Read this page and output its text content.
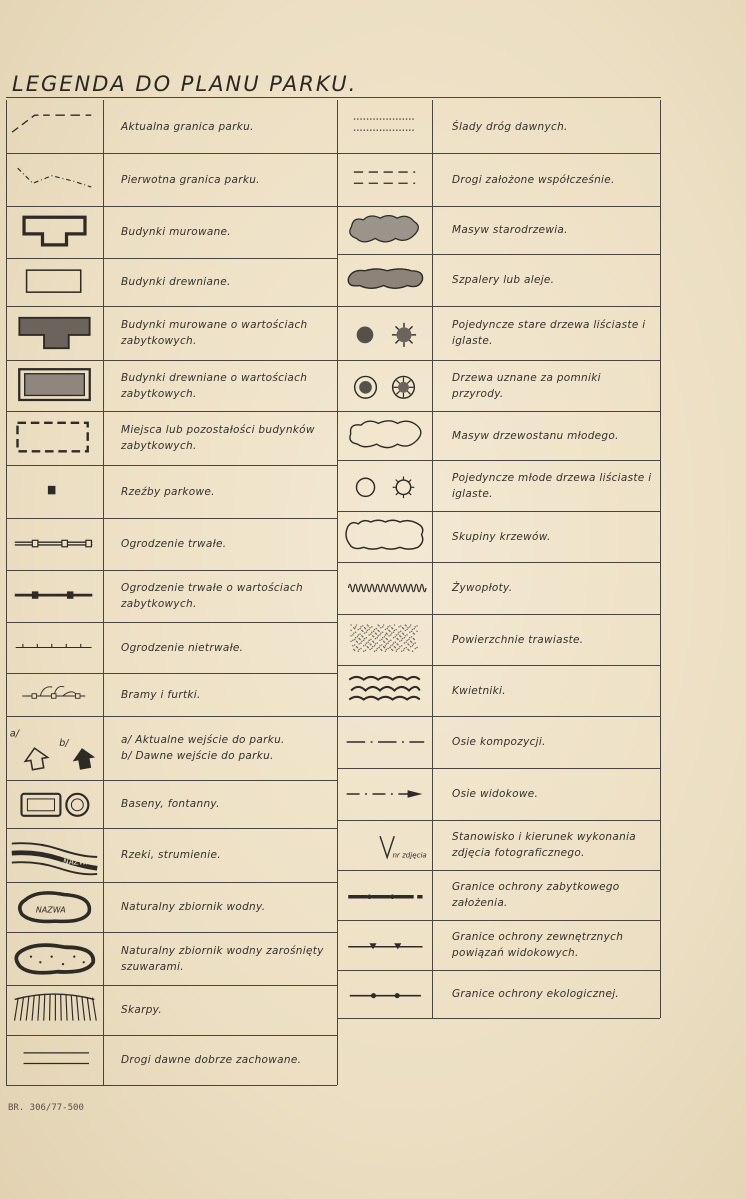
LEGENDA DO PLANU PARKU.
Aktualna granica parku.
Pierwotna granica parku.
Budynki murowane.
Budynki drewniane.
Budynki murowane o wartościach zabytkowych.
Budynki drewniane o wartościach zabytkowych.
Miejsca lub pozostałości budynków zabytkowych.
Rzeźby parkowe.
Ogrodzenie trwałe.
Ogrodzenie trwałe o wartościach zabytkowych.
Ogrodzenie nietrwałe.
Bramy i furtki.
a/
b/	a/ Aktualne wejście do parku.
b/ Dawne wejście do parku.
Baseny, fontanny.
NAZWA
Rzeki, strumienie.
NAZWA	Naturalny zbiornik wodny.
Naturalny zbiornik wodny zarośnięty szuwarami.
Skarpy.
Drogi dawne dobrze zachowane.
Ślady dróg dawnych.
Drogi założone współcześnie.
Masyw starodrzewia.
Szpalery lub aleje.
Pojedyncze stare drzewa liściaste i iglaste.
Drzewa uznane za pomniki przyrody.
Masyw drzewostanu młodego.
Pojedyncze młode drzewa liściaste i iglaste.
Skupiny krzewów.
Żywopłoty.
Powierzchnie trawiaste.
Kwietniki.
Osie kompozycji.
Osie widokowe.
nr zdjęcia
Stanowisko i kierunek wykonania zdjęcia fotograficznego.
Granice ochrony zabytkowego założenia.
Granice ochrony zewnętrznych powiązań widokowych.
Granice ochrony ekologicznej.
BR. 306/77-500
